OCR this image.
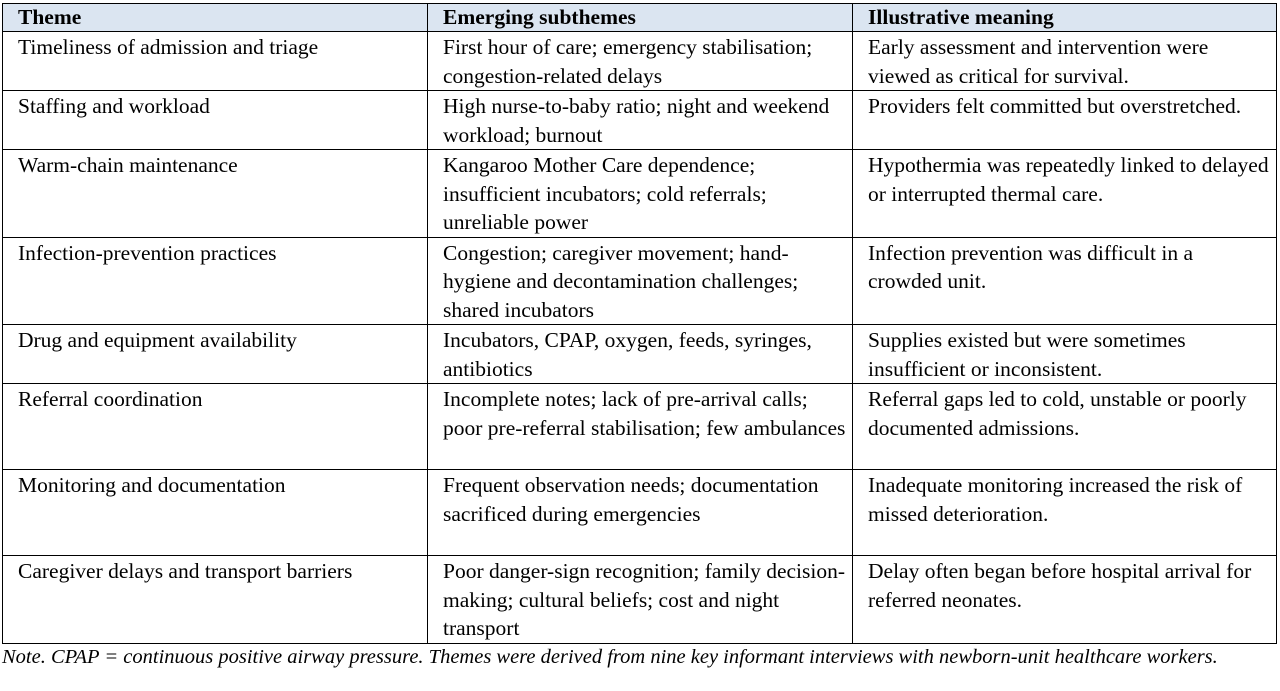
Theme	Emerging subthemes	Illustrative meaning
Timeliness of admission and triage	First hour of care; emergency stabilisation; congestion-related delays	Early assessment and intervention were viewed as critical for survival.
Staffing and workload	High nurse-to-baby ratio; night and weekend workload; burnout	Providers felt committed but overstretched.
Warm-chain maintenance	Kangaroo Mother Care dependence; insufficient incubators; cold referrals; unreliable power	Hypothermia was repeatedly linked to delayed or interrupted thermal care.
Infection-prevention practices	Congestion; caregiver movement; hand-hygiene and decontamination challenges; shared incubators	Infection prevention was difficult in a crowded unit.
Drug and equipment availability	Incubators, CPAP, oxygen, feeds, syringes, antibiotics	Supplies existed but were sometimes insufficient or inconsistent.
Referral coordination	Incomplete notes; lack of pre-arrival calls; poor pre-referral stabilisation; few ambulances	Referral gaps led to cold, unstable or poorly documented admissions.
Monitoring and documentation	Frequent observation needs; documentation sacrificed during emergencies	Inadequate monitoring increased the risk of missed deterioration.
Caregiver delays and transport barriers	Poor danger-sign recognition; family decision-making; cultural beliefs; cost and night transport	Delay often began before hospital arrival for referred neonates.
Note. CPAP = continuous positive airway pressure. Themes were derived from nine key informant interviews with newborn-unit healthcare workers.
